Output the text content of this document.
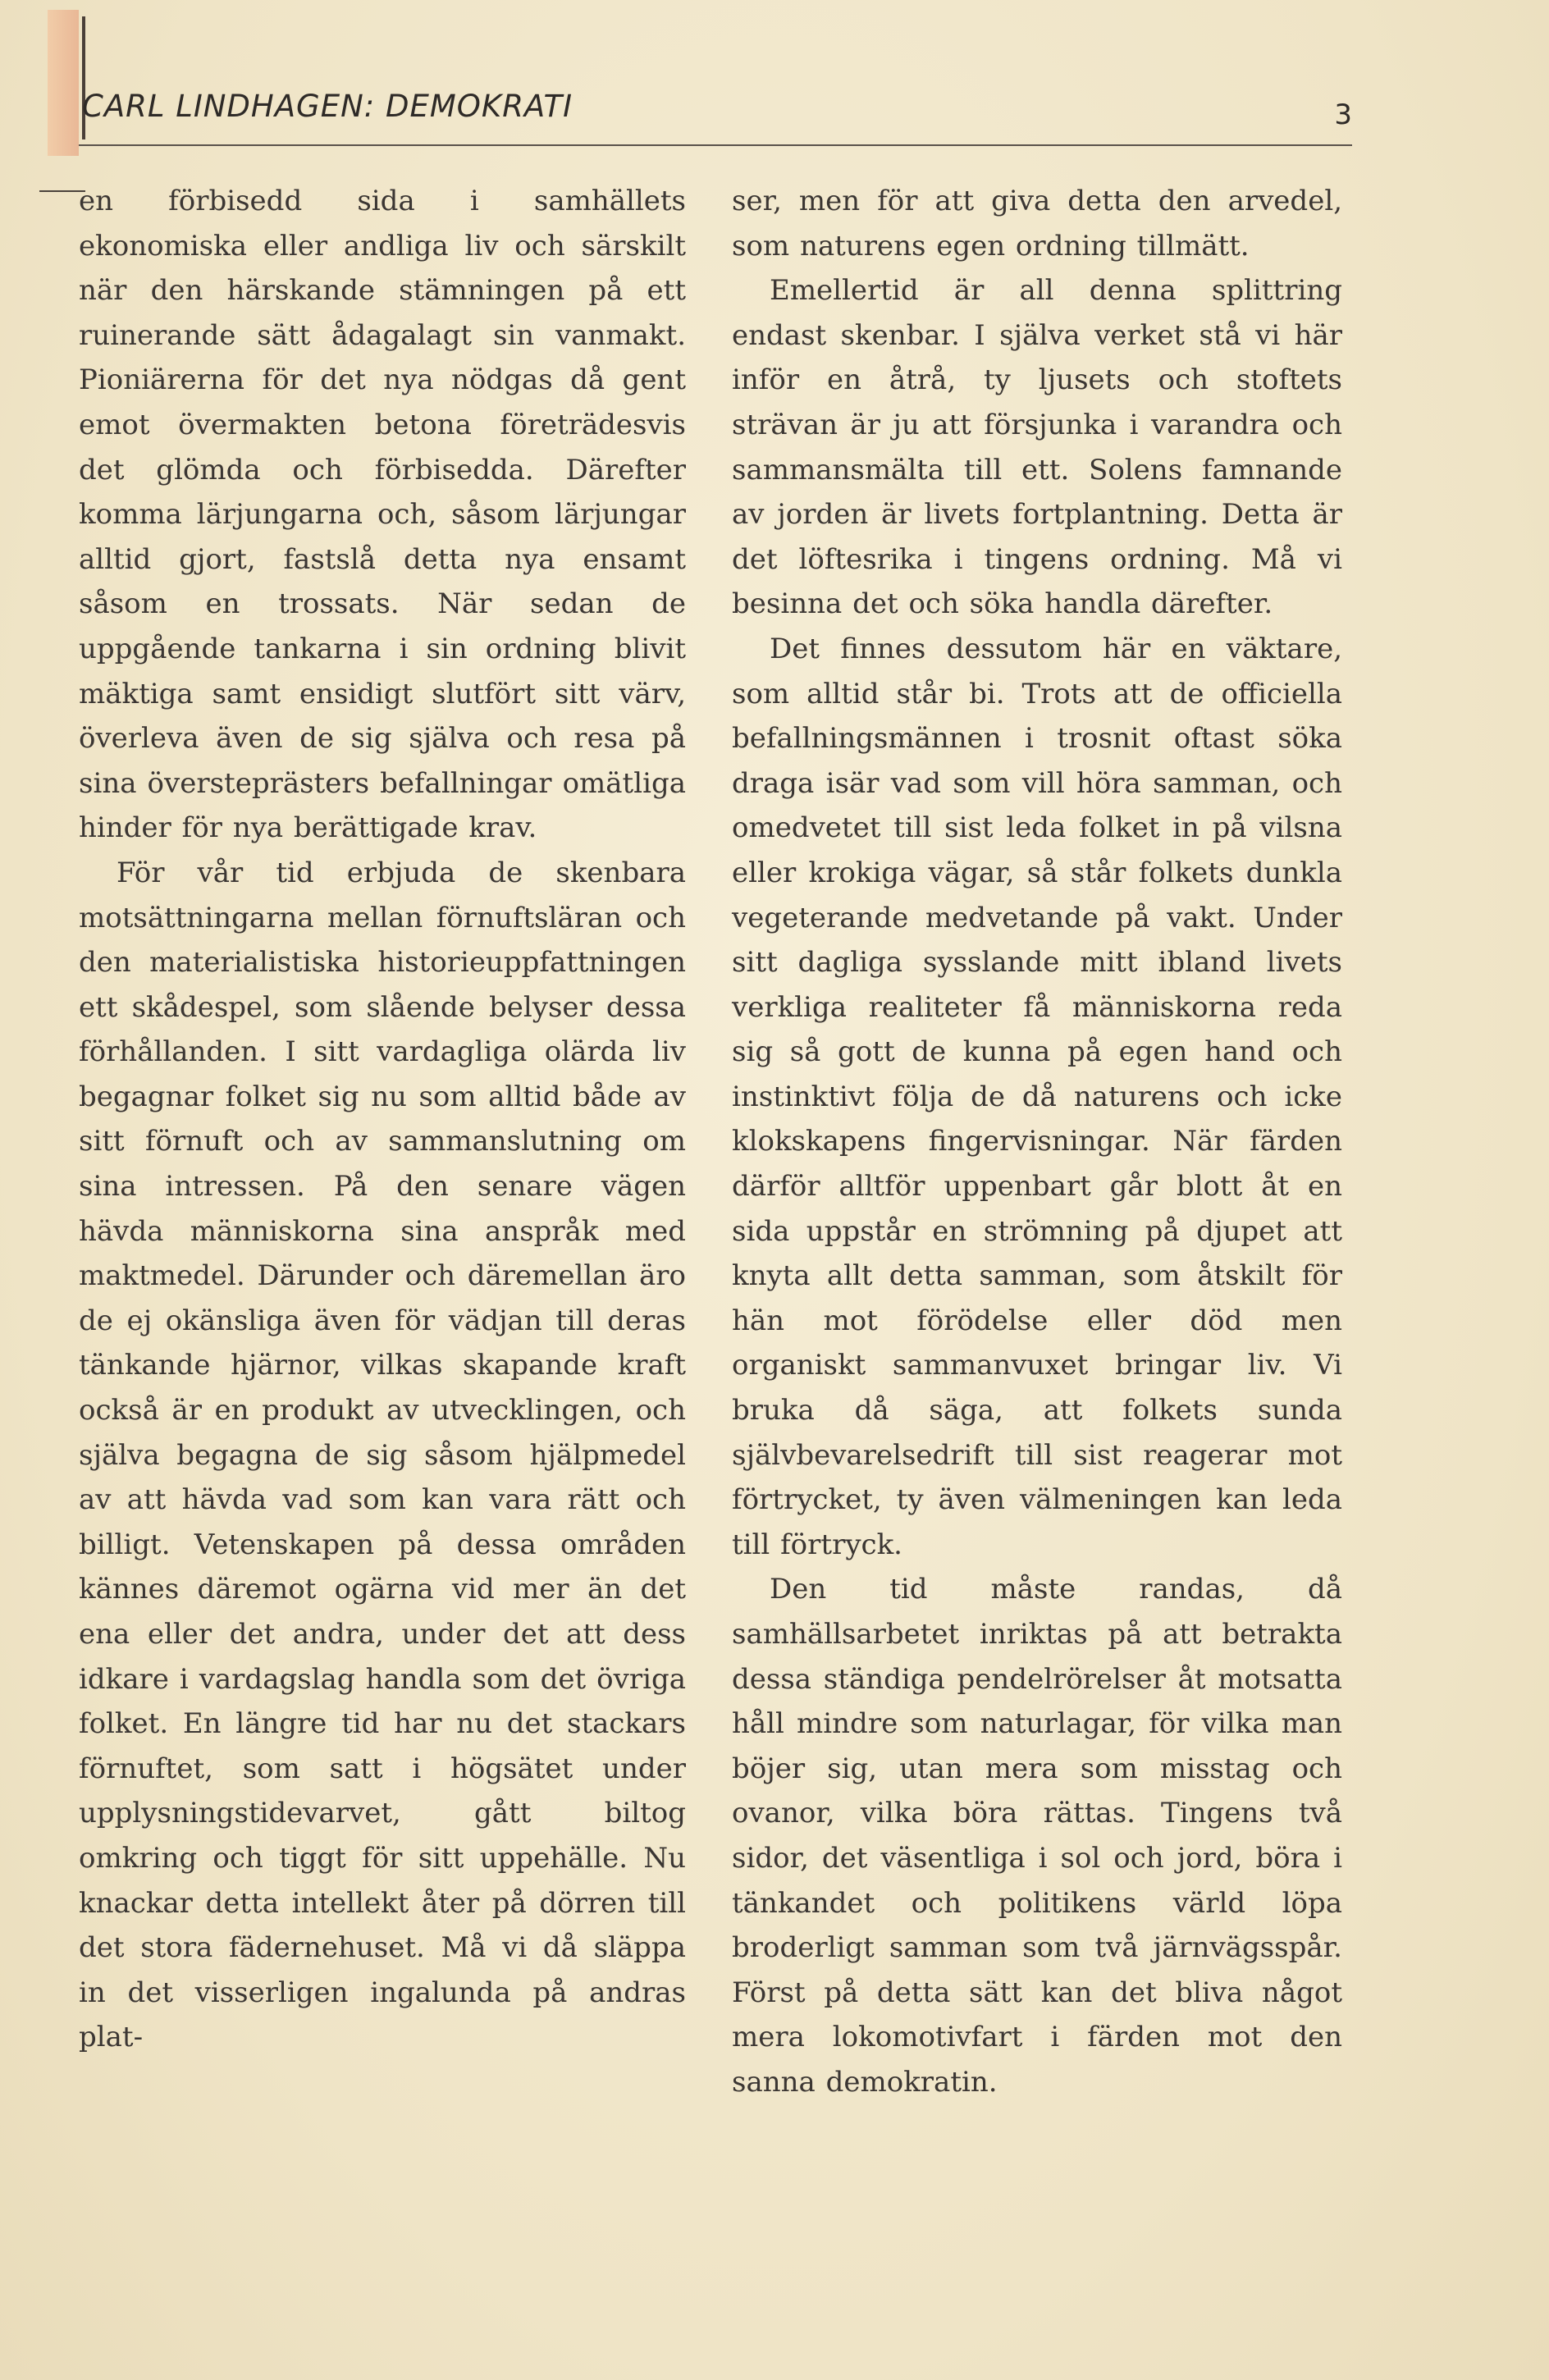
CARL LINDHAGEN: DEMOKRATI	3

en förbisedd sida i samhällets ekonomiska eller andliga liv och särskilt när den härskande stämningen på ett ruinerande sätt ådagalagt sin vanmakt. Pioniärerna för det nya nödgas då gent emot övermakten betona företrädesvis det glömda och förbisedda. Därefter komma lärjungarna och, såsom lärjungar alltid gjort, fastslå detta nya ensamt såsom en trossats. När sedan de uppgående tankarna i sin ordning blivit mäktiga samt ensidigt slutfört sitt värv, överleva även de sig själva och resa på sina översteprästers befallningar omätliga hinder för nya berättigade krav.

För vår tid erbjuda de skenbara motsättningarna mellan förnuftsläran och den materialistiska historieuppfattningen ett skådespel, som slående belyser dessa förhållanden. I sitt vardagliga olärda liv begagnar folket sig nu som alltid både av sitt förnuft och av sammanslutning om sina intressen. På den senare vägen hävda människorna sina anspråk med maktmedel. Därunder och däremellan äro de ej okänsliga även för vädjan till deras tänkande hjärnor, vilkas skapande kraft också är en produkt av utvecklingen, och själva begagna de sig såsom hjälpmedel av att hävda vad som kan vara rätt och billigt. Vetenskapen på dessa områden kännes däremot ogärna vid mer än det ena eller det andra, under det att dess idkare i vardagslag handla som det övriga folket. En längre tid har nu det stackars förnuftet, som satt i högsätet under upplysningstidevarvet, gått biltog omkring och tiggt för sitt uppehälle. Nu knackar detta intellekt åter på dörren till det stora fädernehuset. Må vi då släppa in det visserligen ingalunda på andras plat-

ser, men för att giva detta den arvedel, som naturens egen ordning tillmätt.

Emellertid är all denna splittring endast skenbar. I själva verket stå vi här inför en åtrå, ty ljusets och stoftets strävan är ju att försjunka i varandra och sammansmälta till ett. Solens famnande av jorden är livets fortplantning. Detta är det löftesrika i tingens ordning. Må vi besinna det och söka handla därefter.

Det finnes dessutom här en väktare, som alltid står bi. Trots att de officiella befallningsmännen i trosnit oftast söka draga isär vad som vill höra samman, och omedvetet till sist leda folket in på vilsna eller krokiga vägar, så står folkets dunkla vegeterande medvetande på vakt. Under sitt dagliga sysslande mitt ibland livets verkliga realiteter få människorna reda sig så gott de kunna på egen hand och instinktivt följa de då naturens och icke klokskapens fingervisningar. När färden därför alltför uppenbart går blott åt en sida uppstår en strömning på djupet att knyta allt detta samman, som åtskilt för hän mot förödelse eller död men organiskt sammanvuxet bringar liv. Vi bruka då säga, att folkets sunda självbevarelsedrift till sist reagerar mot förtrycket, ty även välmeningen kan leda till förtryck.

Den tid måste randas, då samhällsarbetet inriktas på att betrakta dessa ständiga pendelrörelser åt motsatta håll mindre som naturlagar, för vilka man böjer sig, utan mera som misstag och ovanor, vilka böra rättas. Tingens två sidor, det väsentliga i sol och jord, böra i tänkandet och politikens värld löpa broderligt samman som två järnvägsspår. Först på detta sätt kan det bliva något mera lokomotivfart i färden mot den sanna demokratin.
